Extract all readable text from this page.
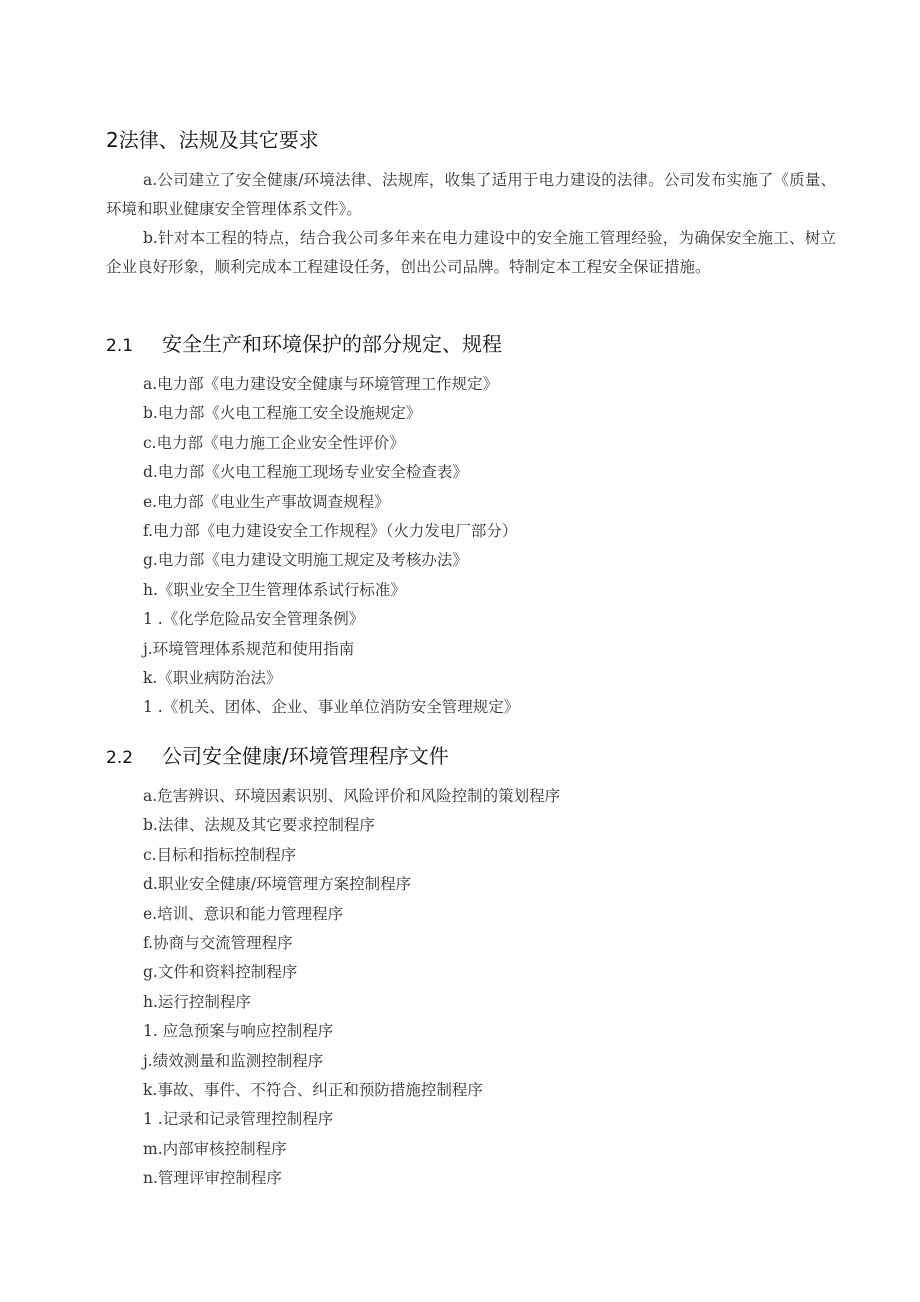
2法律、法规及其它要求

a.公司建立了安全健康/环境法律、法规库，收集了适用于电力建设的法律。公司发布实施了《质量、环境和职业健康安全管理体系文件》。

b.针对本工程的特点，结合我公司多年来在电力建设中的安全施工管理经验，为确保安全施工、树立企业良好形象，顺利完成本工程建设任务，创出公司品牌。特制定本工程安全保证措施。

2.1 安全生产和环境保护的部分规定、规程
a.电力部《电力建设安全健康与环境管理工作规定》
b.电力部《火电工程施工安全设施规定》
c.电力部《电力施工企业安全性评价》
d.电力部《火电工程施工现场专业安全检查表》
e.电力部《电业生产事故调查规程》
f.电力部《电力建设安全工作规程》（火力发电厂部分）
g.电力部《电力建设文明施工规定及考核办法》
h.《职业安全卫生管理体系试行标准》
1 .《化学危险品安全管理条例》
j.环境管理体系规范和使用指南
k.《职业病防治法》
1 .《机关、团体、企业、事业单位消防安全管理规定》
2.2 公司安全健康/环境管理程序文件
a.危害辨识、环境因素识别、风险评价和风险控制的策划程序
b.法律、法规及其它要求控制程序
c.目标和指标控制程序
d.职业安全健康/环境管理方案控制程序
e.培训、意识和能力管理程序
f.协商与交流管理程序
g.文件和资料控制程序
h.运行控制程序
1. 应急预案与响应控制程序
j.绩效测量和监测控制程序
k.事故、事件、不符合、纠正和预防措施控制程序
1 .记录和记录管理控制程序
m.内部审核控制程序
n.管理评审控制程序
